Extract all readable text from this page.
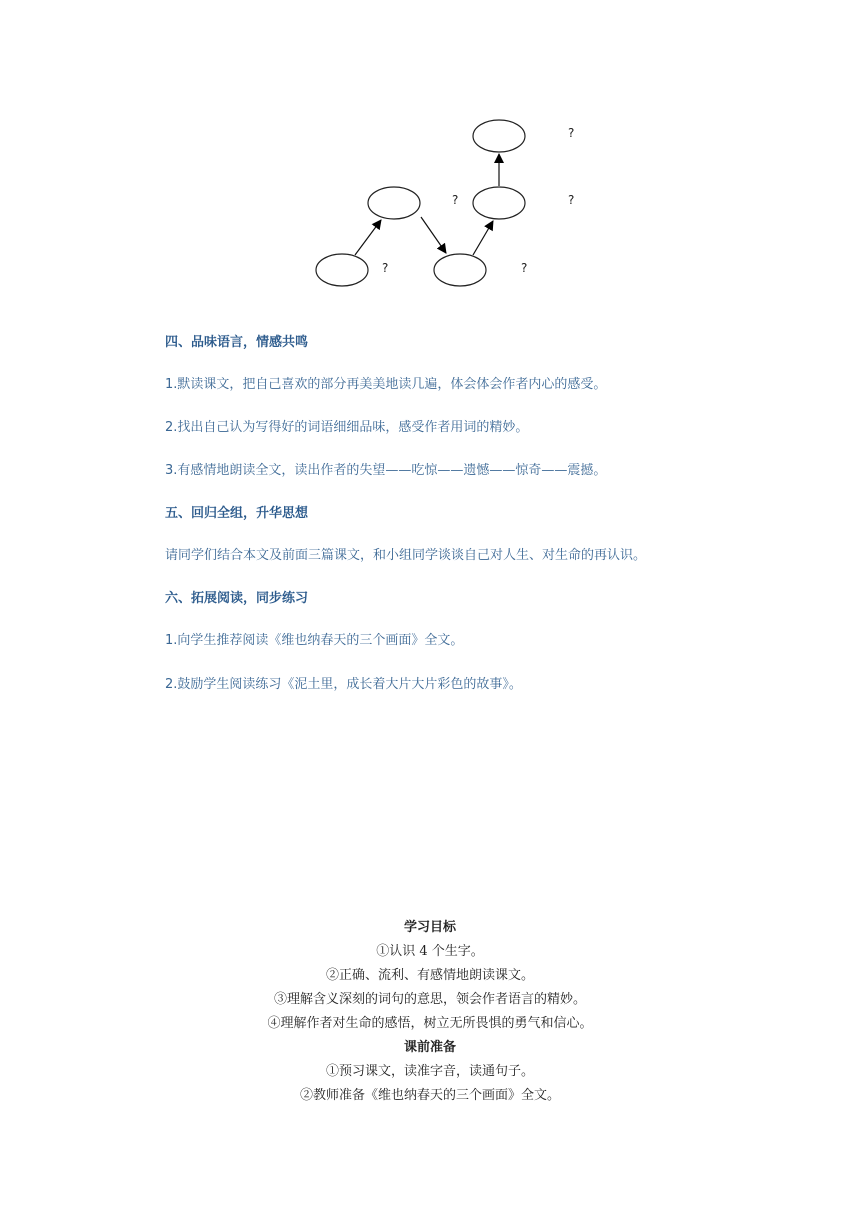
?
?
?
?
?
四、品味语言，情感共鸣
1.默读课文，把自己喜欢的部分再美美地读几遍，体会体会作者内心的感受。
2.找出自己认为写得好的词语细细品味，感受作者用词的精妙。
3.有感情地朗读全文，读出作者的失望——吃惊——遗憾——惊奇——震撼。
五、回归全组，升华思想
请同学们结合本文及前面三篇课文，和小组同学谈谈自己对人生、对生命的再认识。
六、拓展阅读，同步练习
1.向学生推荐阅读《维也纳春天的三个画面》全文。
2.鼓励学生阅读练习《泥土里，成长着大片大片彩色的故事》。
学习目标
①认识 4 个生字。
②正确、流利、有感情地朗读课文。
③理解含义深刻的词句的意思，领会作者语言的精妙。
④理解作者对生命的感悟，树立无所畏惧的勇气和信心。
课前准备
①预习课文，读准字音，读通句子。
②教师准备《维也纳春天的三个画面》全文。
